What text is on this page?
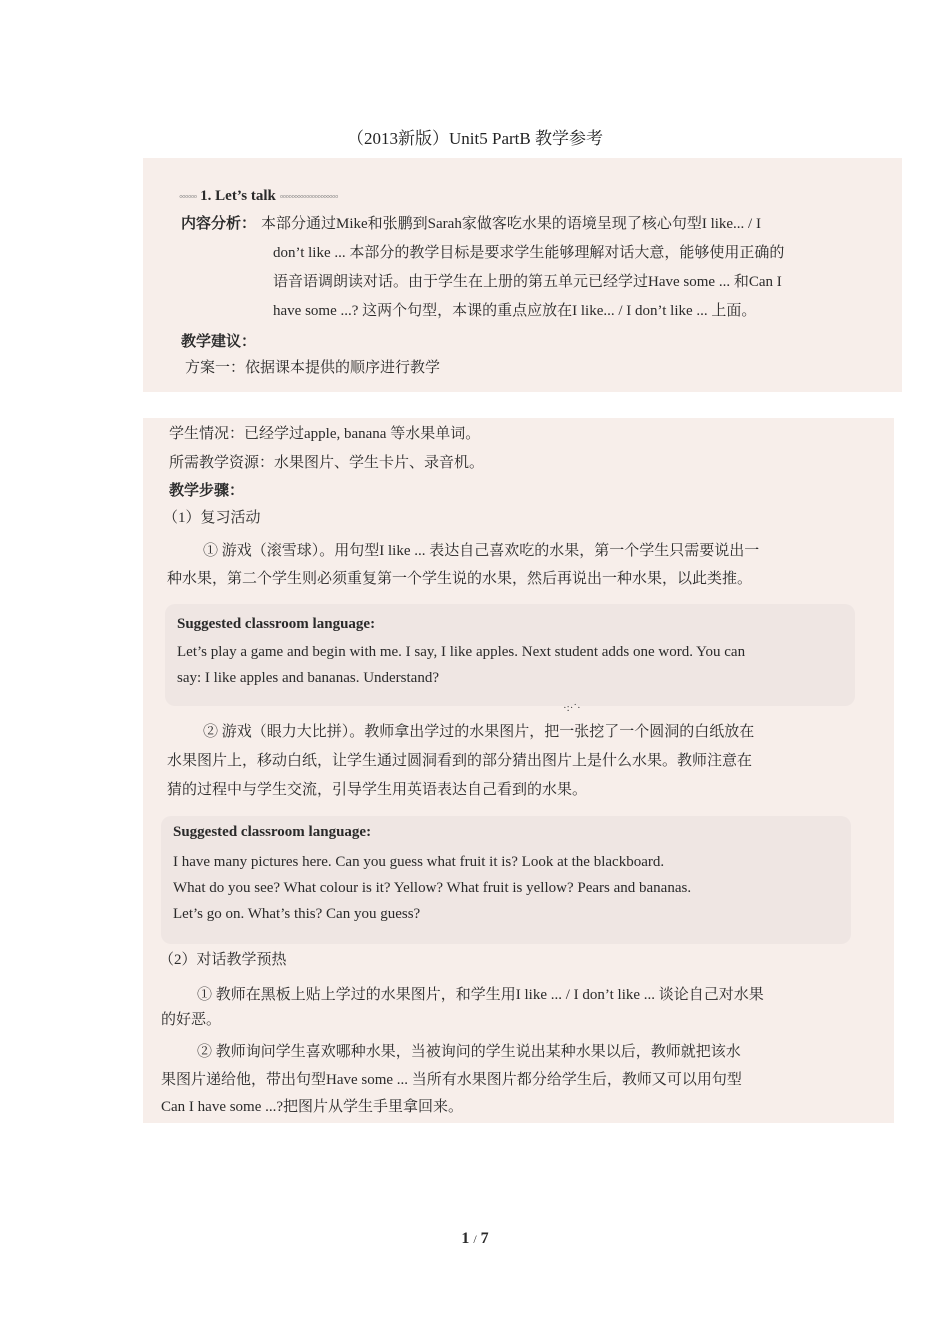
（2013新版）Unit5 PartB 教学参考
◦◦◦◦◦◦ 1. Let’s talk ◦◦◦◦◦◦◦◦◦◦◦◦◦◦◦◦◦◦◦◦
内容分析： 本部分通过Mike和张鹏到Sarah家做客吃水果的语境呈现了核心句型I like... / I
don’t like ... 本部分的教学目标是要求学生能够理解对话大意，能够使用正确的
语音语调朗读对话。由于学生在上册的第五单元已经学过Have some ... 和Can I
have some ...? 这两个句型，本课的重点应放在I like... / I don’t like ... 上面。
教学建议：
方案一：依据课本提供的顺序进行教学
学生情况：已经学过apple, banana 等水果单词。
所需教学资源：水果图片、学生卡片、录音机。
教学步骤：
（1）复习活动
① 游戏（滚雪球）。用句型I like ... 表达自己喜欢吃的水果，第一个学生只需要说出一
种水果，第二个学生则必须重复第一个学生说的水果，然后再说出一种水果，以此类推。
Suggested classroom language:
Let’s play a game and begin with me. I say, I like apples. Next student adds one word. You can
say: I like apples and bananas. Understand?
·:·˙·
② 游戏（眼力大比拼）。教师拿出学过的水果图片，把一张挖了一个圆洞的白纸放在
水果图片上，移动白纸，让学生通过圆洞看到的部分猜出图片上是什么水果。教师注意在
猜的过程中与学生交流，引导学生用英语表达自己看到的水果。
Suggested classroom language:
I have many pictures here. Can you guess what fruit it is? Look at the blackboard.
What do you see? What colour is it? Yellow? What fruit is yellow? Pears and bananas.
Let’s go on. What’s this? Can you guess?
（2）对话教学预热
① 教师在黑板上贴上学过的水果图片，和学生用I like ... / I don’t like ... 谈论自己对水果
的好恶。
② 教师询问学生喜欢哪种水果，当被询问的学生说出某种水果以后，教师就把该水
果图片递给他，带出句型Have some ... 当所有水果图片都分给学生后，教师又可以用句型
Can I have some ...?把图片从学生手里拿回来。
1 / 7
